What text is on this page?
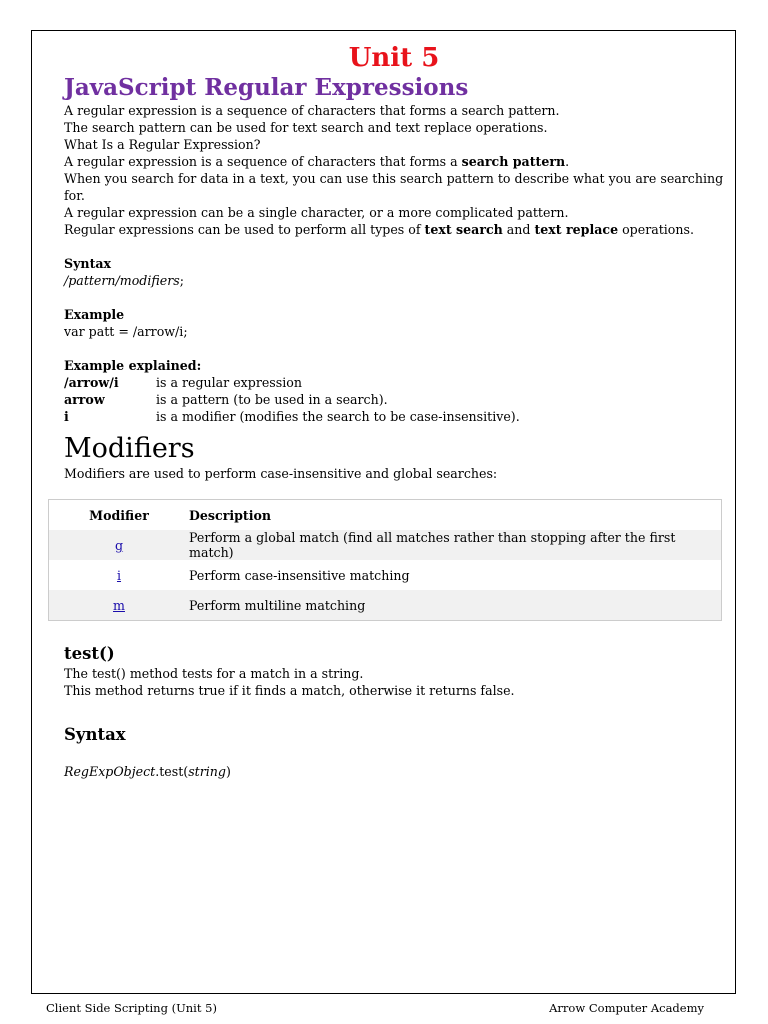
Unit 5
JavaScript Regular Expressions

A regular expression is a sequence of characters that forms a search pattern.

The search pattern can be used for text search and text replace operations.

What Is a Regular Expression?

A regular expression is a sequence of characters that forms a search pattern.

When you search for data in a text, you can use this search pattern to describe what you are searching for.

A regular expression can be a single character, or a more complicated pattern.

Regular expressions can be used to perform all types of text search and text replace operations.

Syntax

/pattern/modifiers;

Example

var patt = /arrow/i;

Example explained:

/arrow/i	is a regular expression
arrow	is a pattern (to be used in a search).
i	is a modifier (modifies the search to be case-insensitive).
Modifiers

Modifiers are used to perform case-insensitive and global searches:

Modifier	Description
g	Perform a global match (find all matches rather than stopping after the first match)
i	Perform case-insensitive matching
m	Perform multiline matching
test()

The test() method tests for a match in a string.

This method returns true if it finds a match, otherwise it returns false.

Syntax

RegExpObject.test(string)

Client Side Scripting (Unit 5)	Arrow Computer Academy
